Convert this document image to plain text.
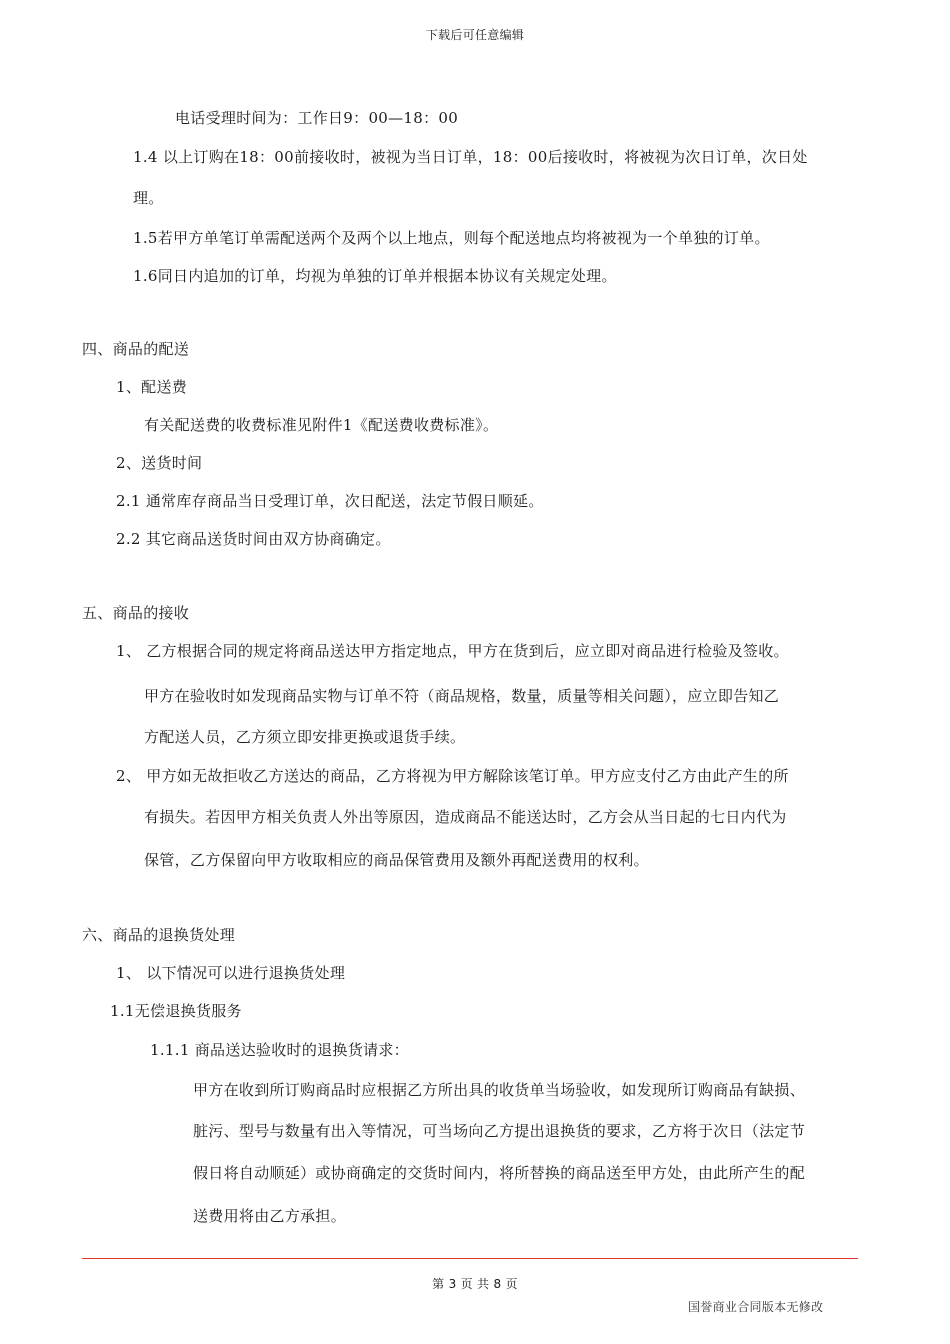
下载后可任意编辑
电话受理时间为：工作日9：00—18：00
1.4 以上订购在18：00前接收时，被视为当日订单，18：00后接收时，将被视为次日订单，次日处
理。
1.5若甲方单笔订单需配送两个及两个以上地点，则每个配送地点均将被视为一个单独的订单。
1.6同日内追加的订单，均视为单独的订单并根据本协议有关规定处理。
四、商品的配送
1、配送费
有关配送费的收费标准见附件1《配送费收费标准》。
2、送货时间
2.1 通常库存商品当日受理订单，次日配送，法定节假日顺延。
2.2 其它商品送货时间由双方协商确定。
五、商品的接收
1、 乙方根据合同的规定将商品送达甲方指定地点，甲方在货到后，应立即对商品进行检验及签收。
甲方在验收时如发现商品实物与订单不符（商品规格，数量，质量等相关问题），应立即告知乙
方配送人员，乙方须立即安排更换或退货手续。
2、 甲方如无故拒收乙方送达的商品，乙方将视为甲方解除该笔订单。甲方应支付乙方由此产生的所
有损失。若因甲方相关负责人外出等原因，造成商品不能送达时，乙方会从当日起的七日内代为
保管，乙方保留向甲方收取相应的商品保管费用及额外再配送费用的权利。
六、商品的退换货处理
1、 以下情况可以进行退换货处理
1.1无偿退换货服务
1.1.1 商品送达验收时的退换货请求：
甲方在收到所订购商品时应根据乙方所出具的收货单当场验收，如发现所订购商品有缺损、
脏污、型号与数量有出入等情况，可当场向乙方提出退换货的要求，乙方将于次日（法定节
假日将自动顺延）或协商确定的交货时间内，将所替换的商品送至甲方处，由此所产生的配
送费用将由乙方承担。
第 3 页 共 8 页
国誉商业合同版本无修改
